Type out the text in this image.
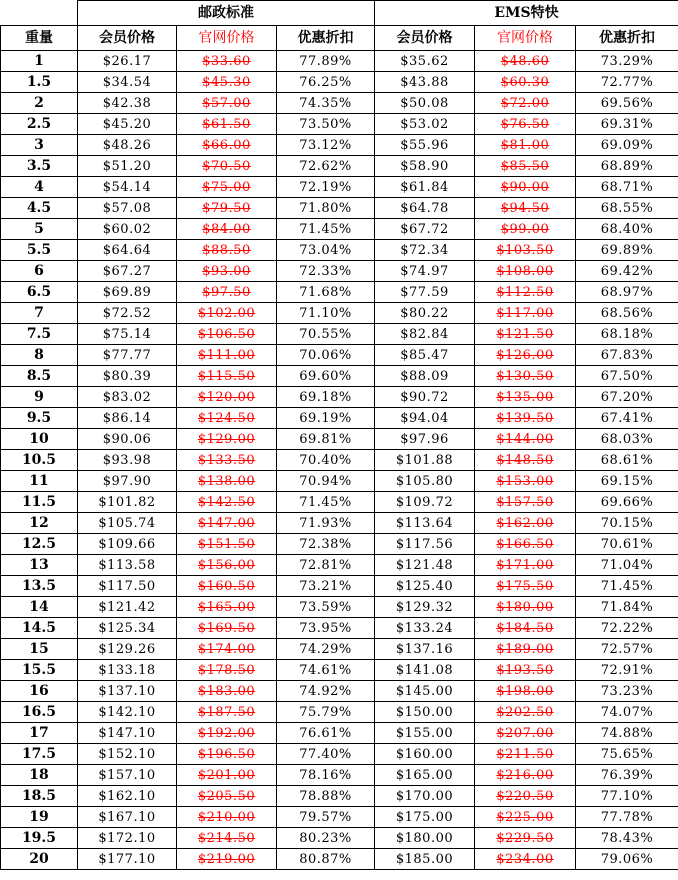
	邮政标准			EMS特快		
重量	会员价格	官网价格	优惠折扣	会员价格	官网价格	优惠折扣
1	$26.17	$33.60	77.89%	$35.62	$48.60	73.29%
1.5	$34.54	$45.30	76.25%	$43.88	$60.30	72.77%
2	$42.38	$57.00	74.35%	$50.08	$72.00	69.56%
2.5	$45.20	$61.50	73.50%	$53.02	$76.50	69.31%
3	$48.26	$66.00	73.12%	$55.96	$81.00	69.09%
3.5	$51.20	$70.50	72.62%	$58.90	$85.50	68.89%
4	$54.14	$75.00	72.19%	$61.84	$90.00	68.71%
4.5	$57.08	$79.50	71.80%	$64.78	$94.50	68.55%
5	$60.02	$84.00	71.45%	$67.72	$99.00	68.40%
5.5	$64.64	$88.50	73.04%	$72.34	$103.50	69.89%
6	$67.27	$93.00	72.33%	$74.97	$108.00	69.42%
6.5	$69.89	$97.50	71.68%	$77.59	$112.50	68.97%
7	$72.52	$102.00	71.10%	$80.22	$117.00	68.56%
7.5	$75.14	$106.50	70.55%	$82.84	$121.50	68.18%
8	$77.77	$111.00	70.06%	$85.47	$126.00	67.83%
8.5	$80.39	$115.50	69.60%	$88.09	$130.50	67.50%
9	$83.02	$120.00	69.18%	$90.72	$135.00	67.20%
9.5	$86.14	$124.50	69.19%	$94.04	$139.50	67.41%
10	$90.06	$129.00	69.81%	$97.96	$144.00	68.03%
10.5	$93.98	$133.50	70.40%	$101.88	$148.50	68.61%
11	$97.90	$138.00	70.94%	$105.80	$153.00	69.15%
11.5	$101.82	$142.50	71.45%	$109.72	$157.50	69.66%
12	$105.74	$147.00	71.93%	$113.64	$162.00	70.15%
12.5	$109.66	$151.50	72.38%	$117.56	$166.50	70.61%
13	$113.58	$156.00	72.81%	$121.48	$171.00	71.04%
13.5	$117.50	$160.50	73.21%	$125.40	$175.50	71.45%
14	$121.42	$165.00	73.59%	$129.32	$180.00	71.84%
14.5	$125.34	$169.50	73.95%	$133.24	$184.50	72.22%
15	$129.26	$174.00	74.29%	$137.16	$189.00	72.57%
15.5	$133.18	$178.50	74.61%	$141.08	$193.50	72.91%
16	$137.10	$183.00	74.92%	$145.00	$198.00	73.23%
16.5	$142.10	$187.50	75.79%	$150.00	$202.50	74.07%
17	$147.10	$192.00	76.61%	$155.00	$207.00	74.88%
17.5	$152.10	$196.50	77.40%	$160.00	$211.50	75.65%
18	$157.10	$201.00	78.16%	$165.00	$216.00	76.39%
18.5	$162.10	$205.50	78.88%	$170.00	$220.50	77.10%
19	$167.10	$210.00	79.57%	$175.00	$225.00	77.78%
19.5	$172.10	$214.50	80.23%	$180.00	$229.50	78.43%
20	$177.10	$219.00	80.87%	$185.00	$234.00	79.06%
